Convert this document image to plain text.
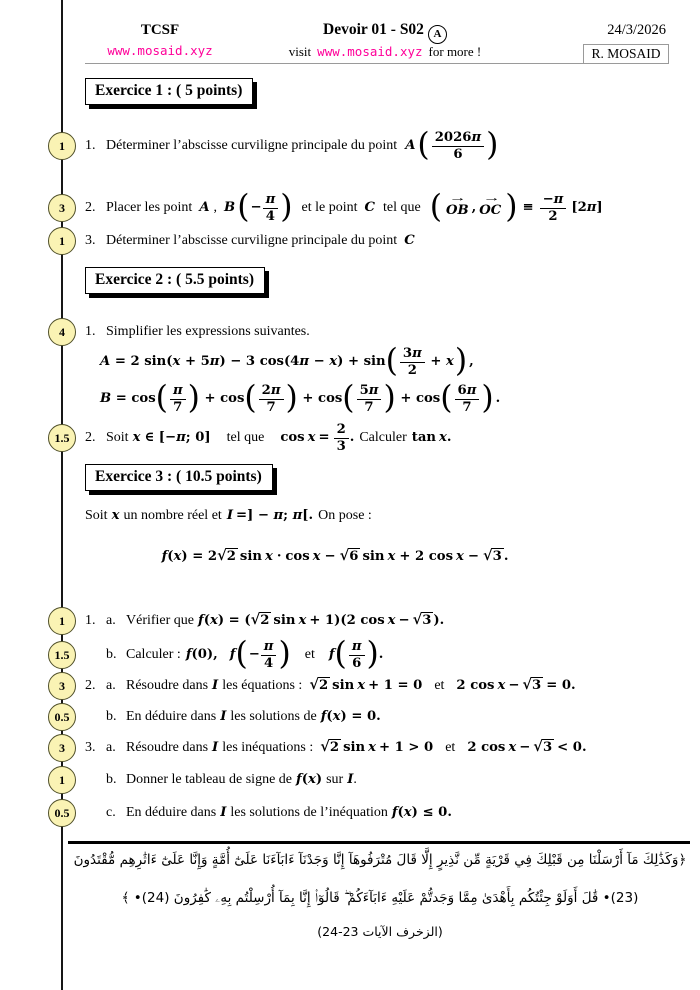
TCSF
www.mosaid.xyz
Devoir 01 - S02 A
visit www.mosaid.xyz for more !
24/3/2026
R. MOSAID
Exercice 1 : ( 5 points)
1	1. Déterminer l’abscisse curviligne principale du point A ( $\frac{2026 \pi}{6}$ )
3	2. Placer les point A , B ( − $\frac{\pi}{4}$ ) et le point C tel que ( →
OB ,
→
OC ) ≡ $\frac{- \pi}{2} [2$ π ]
1	3. Déterminer l’abscisse curviligne principale du point C
Exercice 2 : ( 5.5 points)
4	1. Simplifier les expressions suivantes.
A = 2 sin( x + 5 π ) − 3 cos(4 π − x ) + sin ( $\frac{3 \pi}{2} + x$ ) ,
B = cos ( $\frac{\pi}{7}$ ) + cos ( $\frac{2 \pi}{7}$ ) + cos ( $\frac{5 \pi}{7}$ ) + cos ( $\frac{6 \pi}{7}$ ) .
1.5	2. Soit x ∈ [− π ; 0] tel que $\cos x = \frac{2}{3}$ . Calculer tan x .
Exercice 3 : ( 10.5 points)
Soit x un nombre réel et I =] − π ; π [. On pose :
f ( x ) = 2 √ 2 sin x · cos x − √ 6 sin x + 2 cos x − √ 3 .
1	1. a. Vérifier que f ( x ) = ( √ 2 sin x + 1)(2 cos x − √ 3 ).
1.5	b. Calculer : f (0), f ( − $\frac{\pi}{4}$ ) et f ( $\frac{\pi}{6}$ ) .
3	2. a. Résoudre dans I les équations : √ 2 sin x + 1 = 0 et 2 cos x − √ 3 = 0.
0.5	b. En déduire dans I les solutions de f ( x ) = 0.
3	3. a. Résoudre dans I les inéquations : √ 2 sin x + 1 > 0 et 2 cos x − √ 3 < 0.
1	b. Donner le tableau de signe de f ( x ) sur I .
0.5	c. En déduire dans I les solutions de l’inéquation f ( x ) ≤ 0.
﴿وَكَذَٰلِكَ مَآ أَرْسَلْنَا مِن قَبْلِكَ فِي قَرْيَةٍ مِّن نَّذِيرٍ إِلَّا قَالَ مُتْرَفُوهَآ إِنَّا وَجَدْنَآ ءَابَآءَنَا عَلَىٰٓ أُمَّةٍ وَإِنَّا عَلَىٰٓ ءَاثَٰرِهِم مُّقْتَدُونَ
(23)• قَٰلَ أَوَلَوْ جِئْتُكُم بِأَهْدَىٰ مِمَّا وَجَدتُّمْ عَلَيْهِ ءَابَآءَكُمْ ۖ قَالُوٓا۟ إِنَّا بِمَآ أُرْسِلْتُم بِهِۦ كَٰفِرُونَ (24)• ﴾
(الزخرف الآيات 23-24)
